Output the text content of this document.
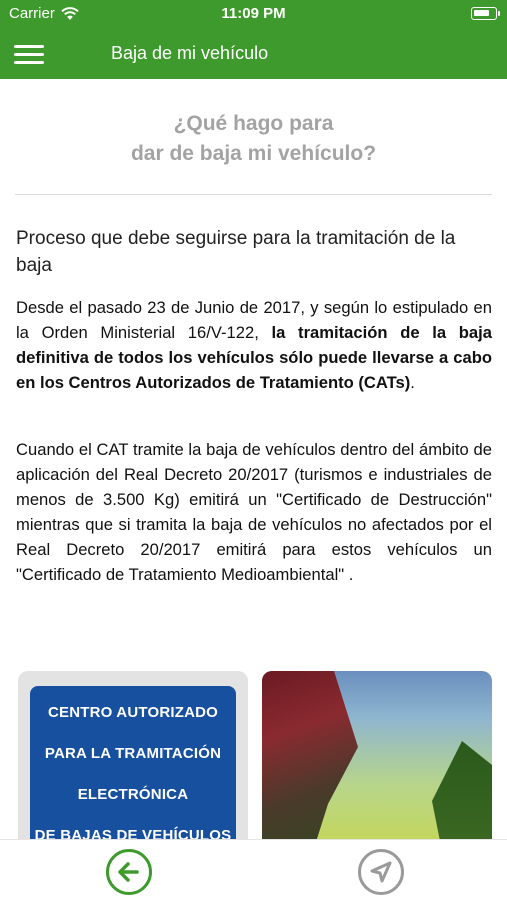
Carrier	11:09 PM
Baja de mi vehículo
¿Qué hago para
dar de baja mi vehículo?
Proceso que debe seguirse para la tramitación de la baja

Desde el pasado 23 de Junio de 2017, y según lo estipulado en la Orden Ministerial 16/V-122, la tramitación de la baja definitiva de todos los vehículos sólo puede llevarse a cabo en los Centros Autorizados de Tratamiento (CATs).

Cuando el CAT tramite la baja de vehículos dentro del ámbito de aplicación del Real Decreto 20/2017 (turismos e industriales de menos de 3.500 Kg) emitirá un "Certificado de Destrucción" mientras que si tramita la baja de vehículos no afectados por el Real Decreto 20/2017 emitirá para estos vehículos un "Certificado de Tratamiento Medioambiental" .

CENTRO AUTORIZADO
PARA LA TRAMITACIÓN
ELECTRÓNICA
DE BAJAS DE VEHÍCULOS
